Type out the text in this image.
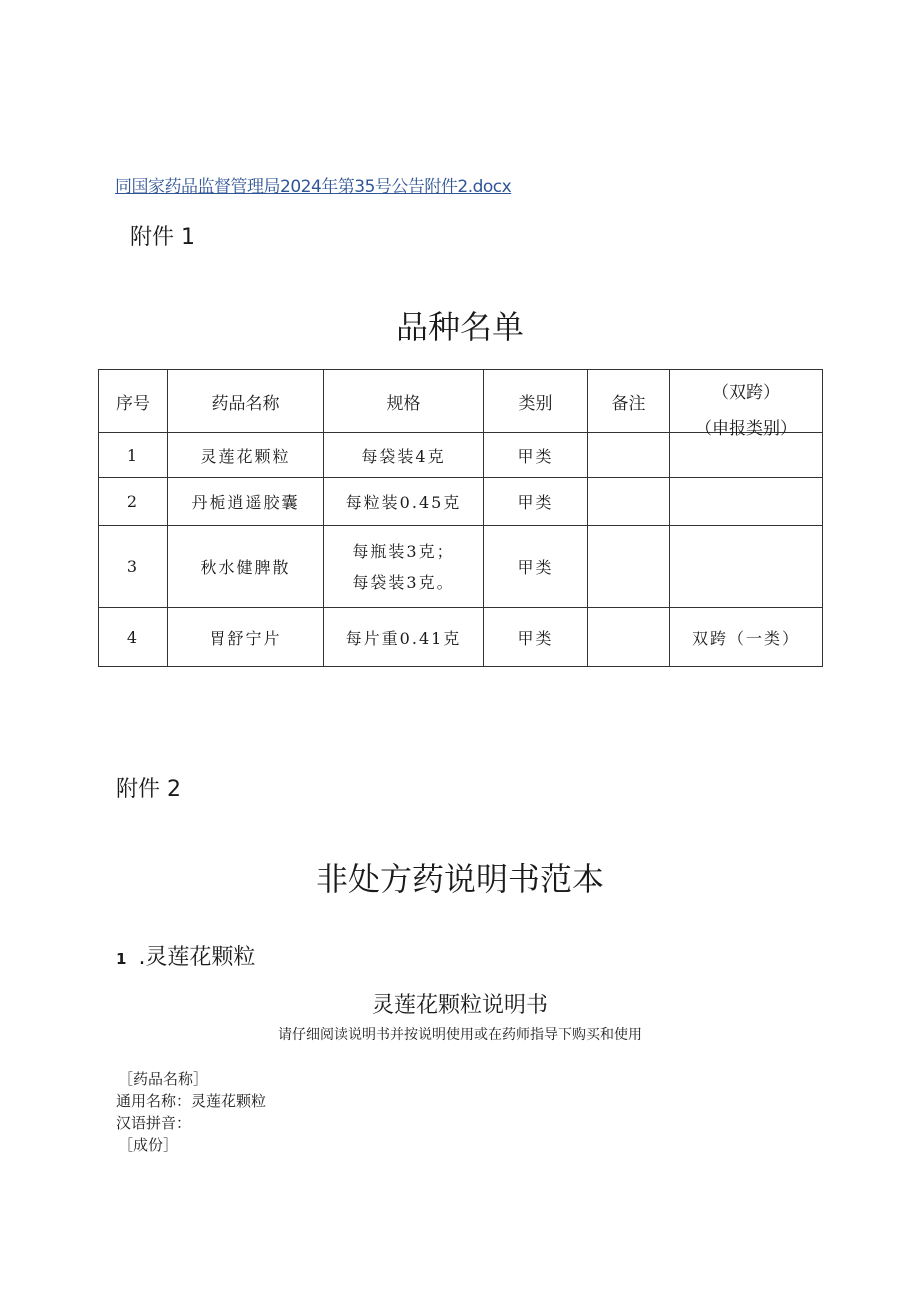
同国家药品监督管理局2024年第35号公告附件2.docx
附件 1
品种名单
序号	药品名称	规格	类别	备注	（双跨）
（申报类别）

1	灵莲花颗粒	每袋装4克	甲类		
2	丹栀逍遥胶囊	每粒装0.45克	甲类		
3	秋水健脾散	每瓶装3克；
每袋装3克。	甲类		
4	胃舒宁片	每片重0.41克	甲类		双跨（一类）
附件 2
非处方药说明书范本
1 .灵莲花颗粒
灵莲花颗粒说明书
请仔细阅读说明书并按说明使用或在药师指导下购买和使用
［药品名称］
通用名称：灵莲花颗粒
汉语拼音：
［成份］
